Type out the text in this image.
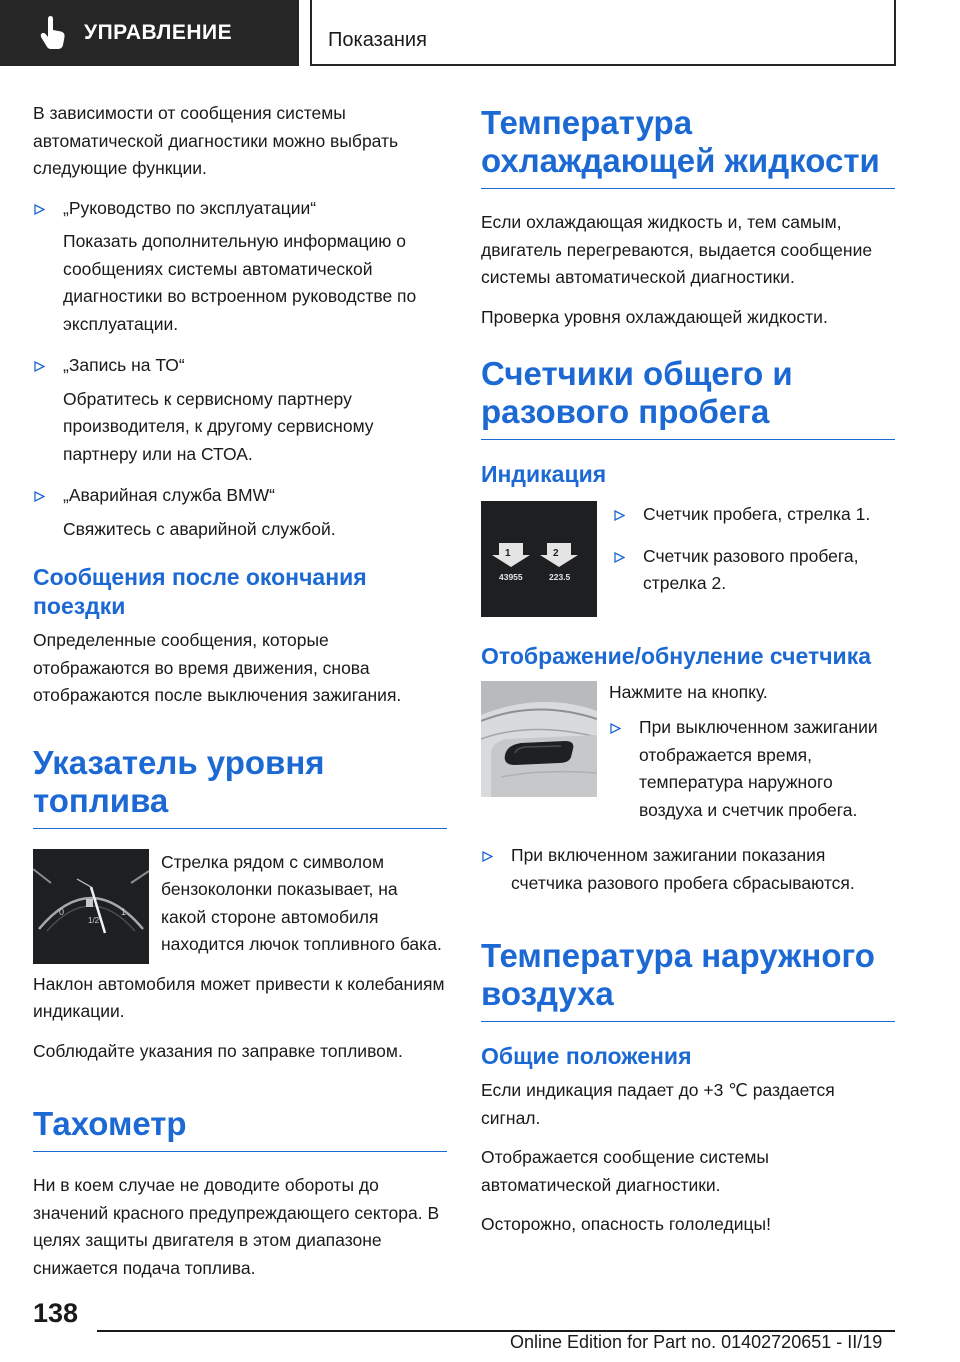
УПРАВЛЕНИЕ	Показания

В зависимости от сообщения системы автоматической диагностики можно выбрать следующие функции.

„Руководство по эксплуатации“
Показать дополнительную информацию о сообщениях системы автоматической диагностики во встроенном руководстве по эксплуатации.
„Запись на ТО“
Обратитесь к сервисному партнеру производителя, к другому сервисному партнеру или на СТОА.
„Аварийная служба BMW“
Свяжитесь с аварийной службой.
Сообщения после окончания поездки

Определенные сообщения, которые отображаются во время движения, снова отображаются после выключения зажигания.

Указатель уровня топлива
0
1/2
1

Стрелка рядом с символом бензоколонки показывает, на какой стороне автомобиля находится лючок топливного бака.

Наклон автомобиля может привести к колебаниям индикации.

Соблюдайте указания по заправке топливом.

Тахометр

Ни в коем случае не доводите обороты до значений красного предупреждающего сектора. В целях защиты двигателя в этом диапазоне снижается подача топлива.

Температура охлаждающей жидкости

Если охлаждающая жидкость и, тем самым, двигатель перегреваются, выдается сообщение системы автоматической диагностики.

Проверка уровня охлаждающей жидкости.

Счетчики общего и разового пробега
Индикация
1	2
43955	223.5
Счетчик пробега, стрелка 1.
Счетчик разового пробега, стрелка 2.
Отображение/обнуление счетчика

Нажмите на кнопку.

При выключенном зажигании отображается время, температура наружного воздуха и счетчик пробега.
При включенном зажигании показания счетчика разового пробега сбрасываются.
Температура наружного воздуха
Общие положения

Если индикация падает до +3 ℃ раздается сигнал.

Отображается сообщение системы автоматической диагностики.

Осторожно, опасность гололедицы!

138
Online Edition for Part no. 01402720651 - II/19
